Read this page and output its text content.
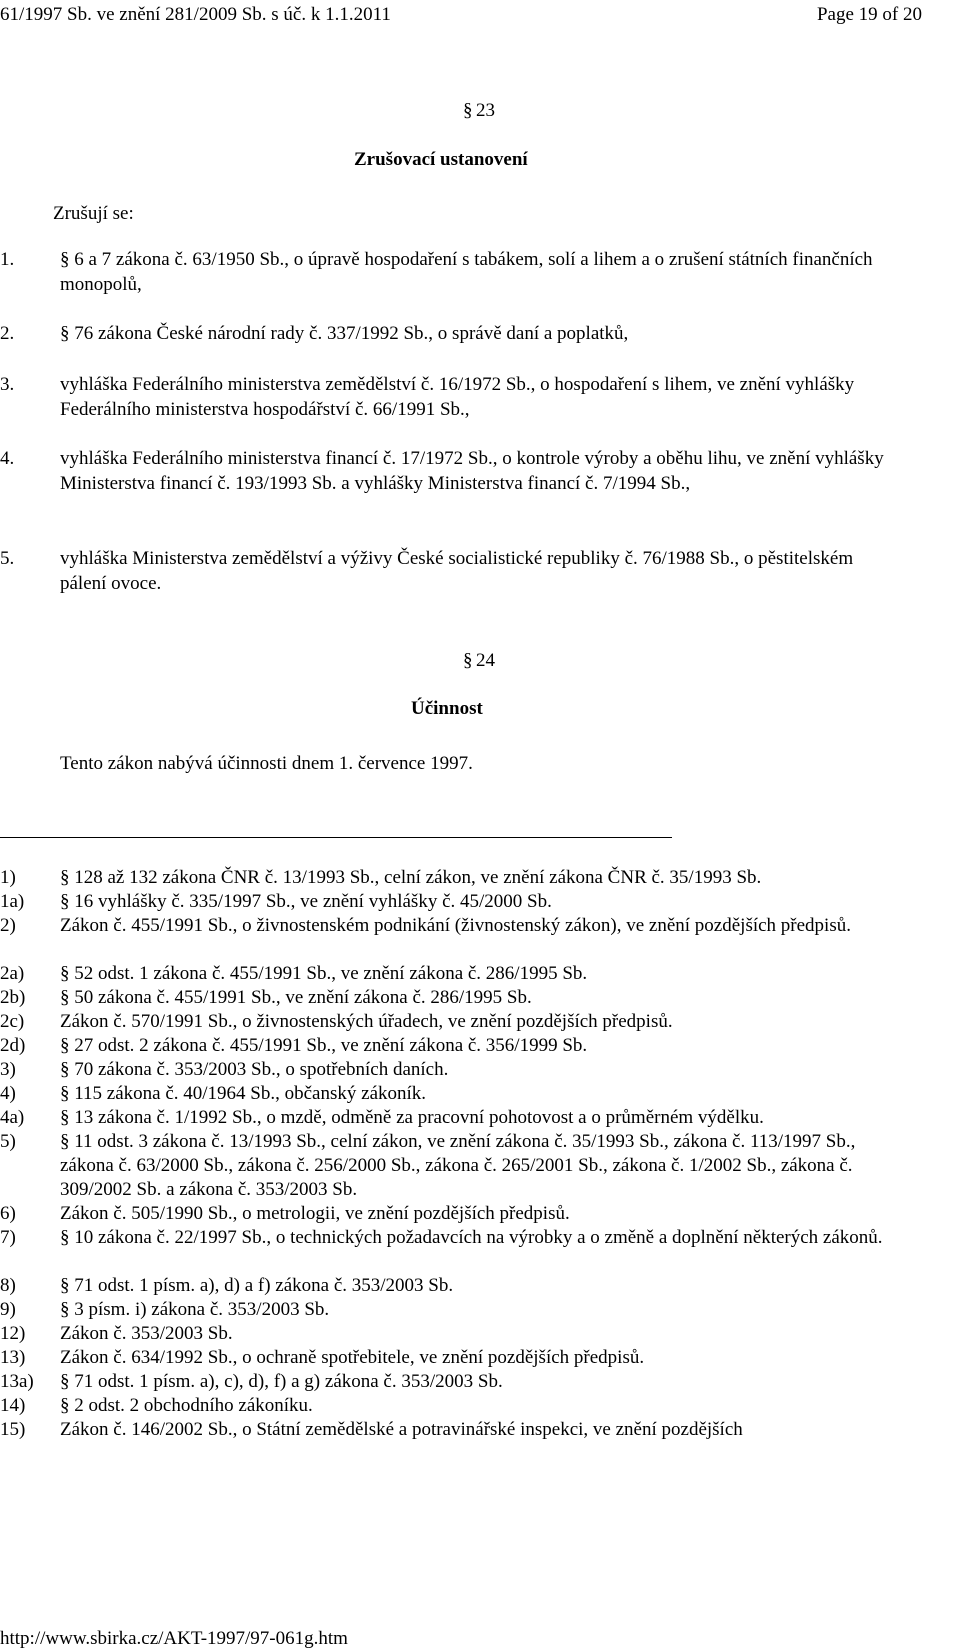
61/1997 Sb. ve znění 281/2009 Sb. s úč. k 1.1.2011	Page 19 of 20
§ 23
Zrušovací ustanovení
Zrušují se:
1. § 6 a 7 zákona č. 63/1950 Sb., o úpravě hospodaření s tabákem, solí a lihem a o zrušení státních finančních monopolů,
2. § 76 zákona České národní rady č. 337/1992 Sb., o správě daní a poplatků,
3. vyhláška Federálního ministerstva zemědělství č. 16/1972 Sb., o hospodaření s lihem, ve znění vyhlášky Federálního ministerstva hospodářství č. 66/1991 Sb.,
4. vyhláška Federálního ministerstva financí č. 17/1972 Sb., o kontrole výroby a oběhu lihu, ve znění vyhlášky Ministerstva financí č. 193/1993 Sb. a vyhlášky Ministerstva financí č. 7/1994 Sb.,
5. vyhláška Ministerstva zemědělství a výživy České socialistické republiky č. 76/1988 Sb., o pěstitelském pálení ovoce.
§ 24
Účinnost
Tento zákon nabývá účinnosti dnem 1. července 1997.
1) § 128 až 132 zákona ČNR č. 13/1993 Sb., celní zákon, ve znění zákona ČNR č. 35/1993 Sb.
1a) § 16 vyhlášky č. 335/1997 Sb., ve znění vyhlášky č. 45/2000 Sb.
2) Zákon č. 455/1991 Sb., o živnostenském podnikání (živnostenský zákon), ve znění pozdějších předpisů.
2a) § 52 odst. 1 zákona č. 455/1991 Sb., ve znění zákona č. 286/1995 Sb.
2b) § 50 zákona č. 455/1991 Sb., ve znění zákona č. 286/1995 Sb.
2c) Zákon č. 570/1991 Sb., o živnostenských úřadech, ve znění pozdějších předpisů.
2d) § 27 odst. 2 zákona č. 455/1991 Sb., ve znění zákona č. 356/1999 Sb.
3) § 70 zákona č. 353/2003 Sb., o spotřebních daních.
4) § 115 zákona č. 40/1964 Sb., občanský zákoník.
4a) § 13 zákona č. 1/1992 Sb., o mzdě, odměně za pracovní pohotovost a o průměrném výdělku.
5) § 11 odst. 3 zákona č. 13/1993 Sb., celní zákon, ve znění zákona č. 35/1993 Sb., zákona č. 113/1997 Sb., zákona č. 63/2000 Sb., zákona č. 256/2000 Sb., zákona č. 265/2001 Sb., zákona č. 1/2002 Sb., zákona č. 309/2002 Sb. a zákona č. 353/2003 Sb.
6) Zákon č. 505/1990 Sb., o metrologii, ve znění pozdějších předpisů.
7) § 10 zákona č. 22/1997 Sb., o technických požadavcích na výrobky a o změně a doplnění některých zákonů.
8) § 71 odst. 1 písm. a), d) a f) zákona č. 353/2003 Sb.
9) § 3 písm. i) zákona č. 353/2003 Sb.
12) Zákon č. 353/2003 Sb.
13) Zákon č. 634/1992 Sb., o ochraně spotřebitele, ve znění pozdějších předpisů.
13a) § 71 odst. 1 písm. a), c), d), f) a g) zákona č. 353/2003 Sb.
14) § 2 odst. 2 obchodního zákoníku.
15) Zákon č. 146/2002 Sb., o Státní zemědělské a potravinářské inspekci, ve znění pozdějších
http://www.sbirka.cz/AKT-1997/97-061g.htm
